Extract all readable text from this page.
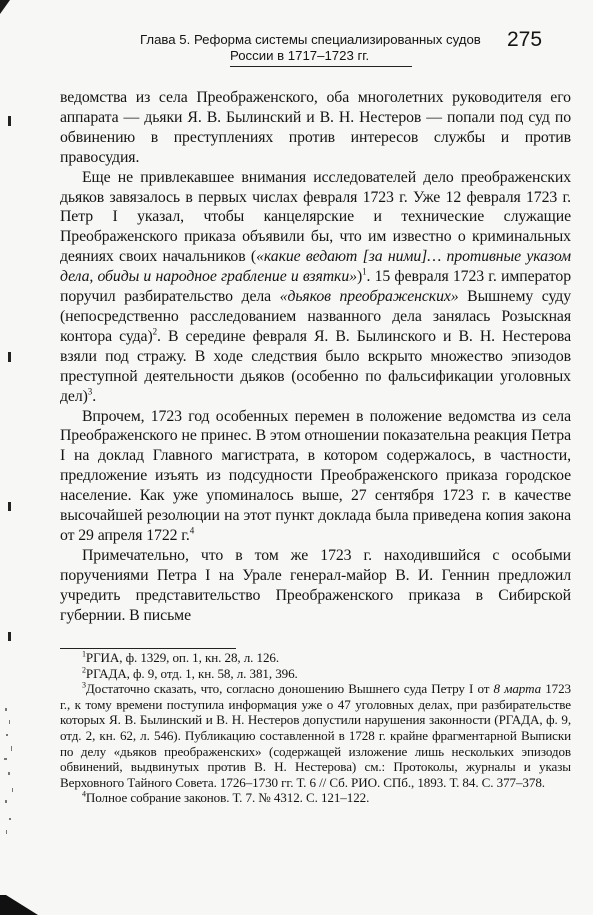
Глава 5. Реформа системы специализированных судов
России в 1717–1723 гг.
275

ведомства из села Преображенского, оба многолетних руководителя его аппарата — дьяки Я. В. Былинский и В. Н. Нестеров — попали под суд по обвинению в преступлениях против интересов службы и против правосудия.

Еще не привлекавшее внимания исследователей дело преображенских дьяков завязалось в первых числах февраля 1723 г. Уже 12 февраля 1723 г. Петр I указал, чтобы канцелярские и технические служащие Преображенского приказа объявили бы, что им известно о криминальных деяниях своих начальников («какие ведают [за ними]… противные указом дела, обиды и народное грабление и взятки»)$^1$. 15 февраля 1723 г. император поручил разбирательство дела «дьяков преображенских» Вышнему суду (непосредственно расследованием названного дела занялась Розыскная контора суда)$^2$. В середине февраля Я. В. Былинского и В. Н. Нестерова взяли под стражу. В ходе следствия было вскрыто множество эпизодов преступной деятельности дьяков (особенно по фальсификации уголовных дел)$^3$.

Впрочем, 1723 год особенных перемен в положение ведомства из села Преображенского не принес. В этом отношении показательна реакция Петра I на доклад Главного магистрата, в котором содержалось, в частности, предложение изъять из подсудности Преображенского приказа городское население. Как уже упоминалось выше, 27 сентября 1723 г. в качестве высочайшей резолюции на этот пункт доклада была приведена копия закона от 29 апреля 1722 г.$^4$

Примечательно, что в том же 1723 г. находившийся с особыми поручениями Петра I на Урале генерал-майор В. И. Геннин предложил учредить представительство Преображенского приказа в Сибирской губернии. В письме

$^1$РГИА, ф. 1329, оп. 1, кн. 28, л. 126.

$^2$РГАДА, ф. 9, отд. 1, кн. 58, л. 381, 396.

$^3$Достаточно сказать, что, согласно доношению Вышнего суда Петру I от 8 марта 1723 г., к тому времени поступила информация уже о 47 уголовных делах, при разбирательстве которых Я. В. Былинский и В. Н. Нестеров допустили нарушения законности (РГАДА, ф. 9, отд. 2, кн. 62, л. 546). Публикацию составленной в 1728 г. крайне фрагментарной Выписки по делу «дьяков преображенских» (содержащей изложение лишь нескольких эпизодов обвинений, выдвинутых против В. Н. Нестерова) см.: Протоколы, журналы и указы Верховного Тайного Совета. 1726–1730 гг. Т. 6 // Сб. РИО. СПб., 1893. Т. 84. С. 377–378.

$^4$Полное собрание законов. Т. 7. № 4312. С. 121–122.
